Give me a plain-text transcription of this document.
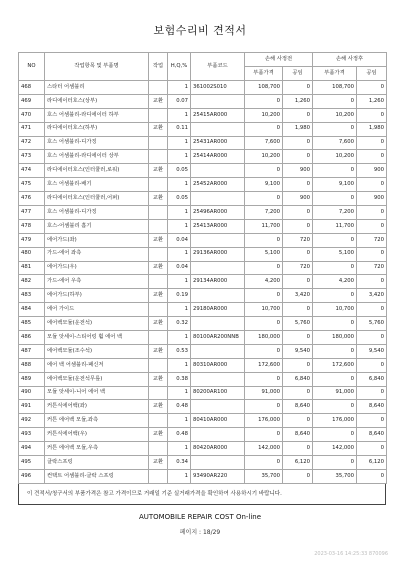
보험수리비 견적서
NO	작업항목 및 부품명	작업	H,Q,%	부품코드	손해 사정전		손해 사정후	
					부품가격	공임	부품가격	공임
468	스타터 어셈블리		1	361002S010	108,700	0	108,700	0
469	라디에이터호스(상부)	교환	0.07		0	1,260	0	1,260
470	호스 어셈블리-라디에이터 하부		1	25415AR000	10,200	0	10,200	0
471	라디에이터호스(하부)	교환	0.11		0	1,980	0	1,980
472	호스 어셈블리-디가징		1	25431AR000	7,600	0	7,600	0
473	호스 어셈블리-라디에이터 상부		1	25414AR000	10,200	0	10,200	0
474	라디에이터호스(인터쿨러,로워)	교환	0.05		0	900	0	900
475	호스 어셈블리-배기		1	25452AR000	9,100	0	9,100	0
476	라디에이터호스(인터쿨러,어퍼)	교환	0.05		0	900	0	900
477	호스 어셈블리-디가징		1	25496AR000	7,200	0	7,200	0
478	호스-어셈블리 흡기		1	25413AR000	11,700	0	11,700	0
479	에어가드(좌)	교환	0.04		0	720	0	720
480	가드-에어 좌측		1	29136AR000	5,100	0	5,100	0
481	에어가드(우)	교환	0.04		0	720	0	720
482	가드-에어 우측		1	29134AR000	4,200	0	4,200	0
483	에어가드(하부)	교환	0.19		0	3,420	0	3,420
484	에어 가이드		1	29180AR000	10,700	0	10,700	0
485	에어백모듈(운전석)	교환	0.32		0	5,760	0	5,760
486	모듈 앗세이-스티어링 휠 에어 백		1	80100AR200NNB	180,000	0	180,000	0
487	에어백모듈(조수석)	교환	0.53		0	9,540	0	9,540
488	에어 백 어셈블리-패신저		1	80310AR000	172,600	0	172,600	0
489	에어백모듈(운전석무릎)	교환	0.38		0	6,840	0	6,840
490	모듈 앗세이-니어 에어 백		1	80200AR100	91,000	0	91,000	0
491	커튼식에어백(좌)	교환	0.48		0	8,640	0	8,640
492	커튼 에어백 모듈,좌측		1	80410AR000	176,000	0	176,000	0
493	커튼식에어백(우)	교환	0.48		0	8,640	0	8,640
494	커튼 에어백 모듈,우측		1	80420AR000	142,000	0	142,000	0
495	클락스프링	교환	0.34		0	6,120	0	6,120
496	컨택트 어셈블리-클락 스프링		1	93490AR220	35,700	0	35,700	0
이 견적서/청구서의 부품가격은 참고 가격이므로 거래일 기준 실거래가격을 확인하여 사용하시기 바랍니다.
AUTOMOBILE REPAIR COST On-line
페이지 : 18/29
2023-03-16 14:25:33 870096
